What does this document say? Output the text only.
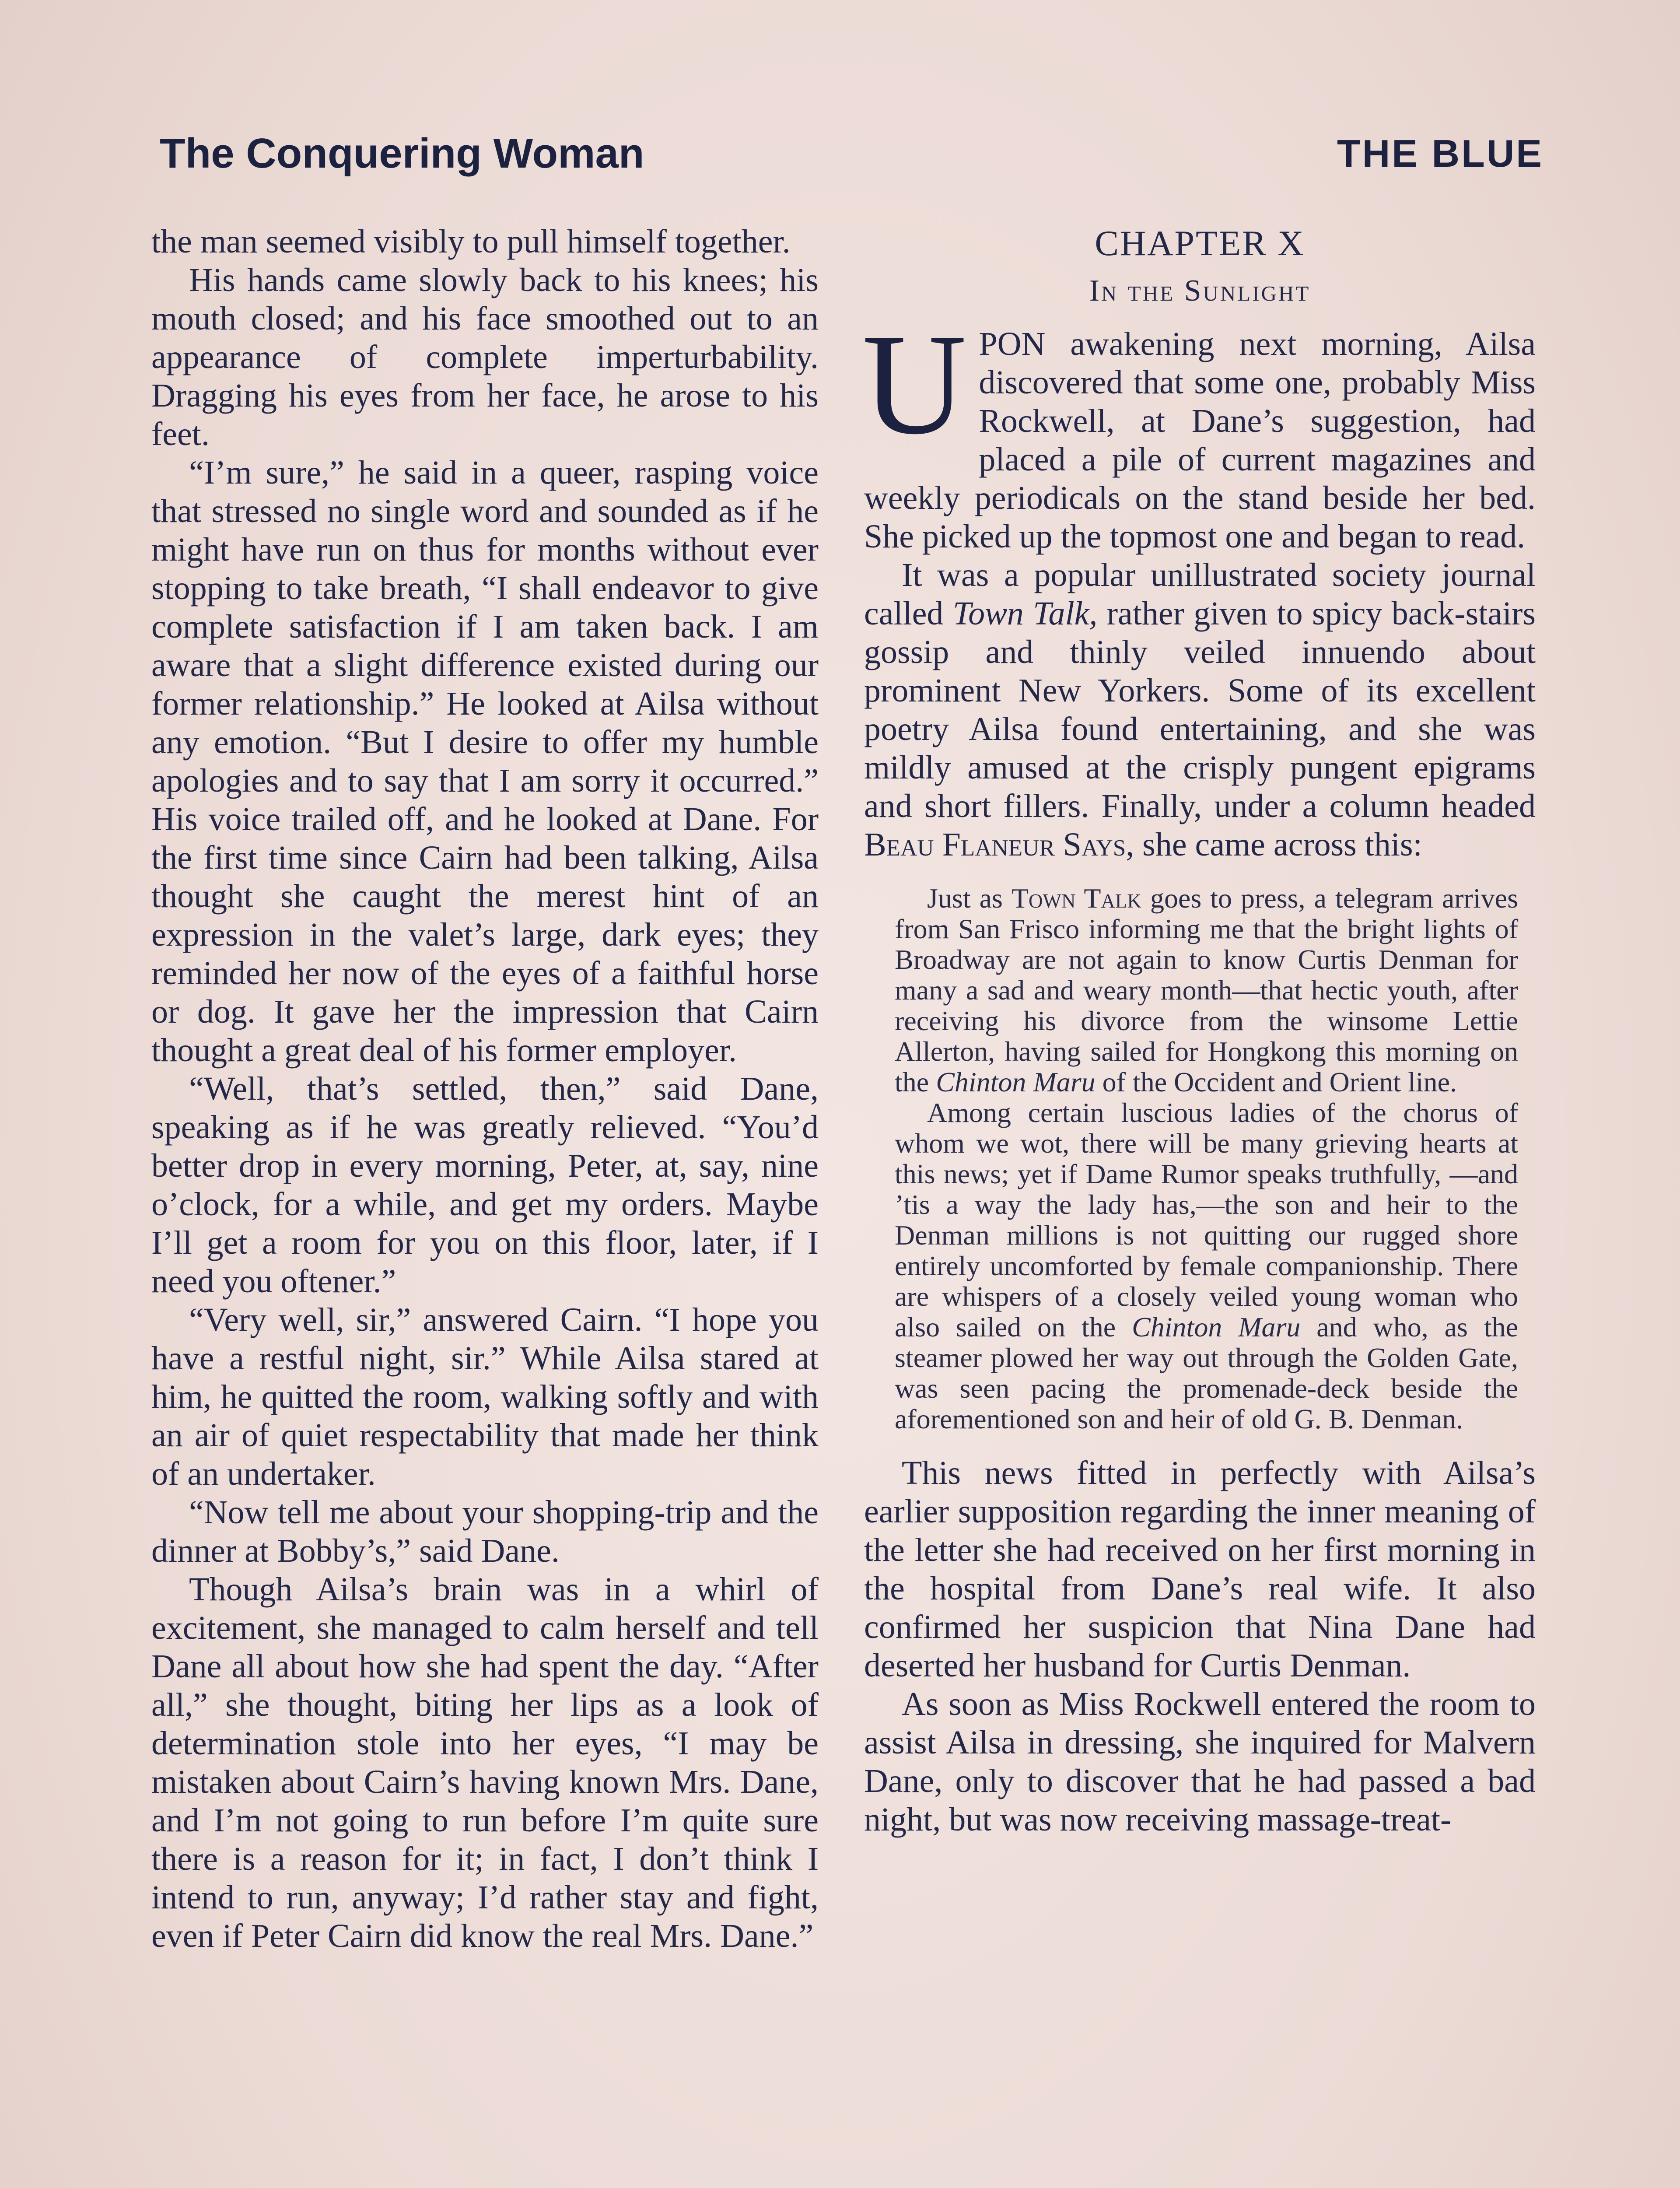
The Conquering Woman	THE BLUE

the man seemed visibly to pull himself together.

His hands came slowly back to his knees; his mouth closed; and his face smoothed out to an appearance of complete imperturbability. Dragging his eyes from her face, he arose to his feet.

“I’m sure,” he said in a queer, rasping voice that stressed no single word and sounded as if he might have run on thus for months without ever stopping to take breath, “I shall endeavor to give complete satisfaction if I am taken back. I am aware that a slight difference existed during our former relationship.” He looked at Ailsa without any emotion. “But I desire to offer my humble apologies and to say that I am sorry it occurred.” His voice trailed off, and he looked at Dane. For the first time since Cairn had been talking, Ailsa thought she caught the merest hint of an expression in the valet’s large, dark eyes; they reminded her now of the eyes of a faithful horse or dog. It gave her the impression that Cairn thought a great deal of his former employer.

“Well, that’s settled, then,” said Dane, speaking as if he was greatly relieved. “You’d better drop in every morning, Peter, at, say, nine o’clock, for a while, and get my orders. Maybe I’ll get a room for you on this floor, later, if I need you oftener.”

“Very well, sir,” answered Cairn. “I hope you have a restful night, sir.” While Ailsa stared at him, he quitted the room, walking softly and with an air of quiet respectability that made her think of an undertaker.

“Now tell me about your shopping-trip and the dinner at Bobby’s,” said Dane.

Though Ailsa’s brain was in a whirl of excitement, she managed to calm herself and tell Dane all about how she had spent the day. “After all,” she thought, biting her lips as a look of determination stole into her eyes, “I may be mistaken about Cairn’s having known Mrs. Dane, and I’m not going to run before I’m quite sure there is a reason for it; in fact, I don’t think I intend to run, anyway; I’d rather stay and fight, even if Peter Cairn did know the real Mrs. Dane.”

CHAPTER X
In the Sunlight

UPON awakening next morning, Ailsa discovered that some one, probably Miss Rockwell, at Dane’s suggestion, had placed a pile of current magazines and weekly periodicals on the stand beside her bed. She picked up the topmost one and began to read.

It was a popular unillustrated society journal called Town Talk, rather given to spicy back-stairs gossip and thinly veiled innuendo about prominent New Yorkers. Some of its excellent poetry Ailsa found entertaining, and she was mildly amused at the crisply pungent epigrams and short fillers. Finally, under a column headed Beau Flaneur Says, she came across this:

Just as Town Talk goes to press, a telegram arrives from San Frisco informing me that the bright lights of Broadway are not again to know Curtis Denman for many a sad and weary month—that hectic youth, after receiving his divorce from the winsome Lettie Allerton, having sailed for Hongkong this morning on the Chinton Maru of the Occident and Orient line.

Among certain luscious ladies of the chorus of whom we wot, there will be many grieving hearts at this news; yet if Dame Rumor speaks truthfully, —and ’tis a way the lady has,—the son and heir to the Denman millions is not quitting our rugged shore entirely uncomforted by female companionship. There are whispers of a closely veiled young woman who also sailed on the Chinton Maru and who, as the steamer plowed her way out through the Golden Gate, was seen pacing the promenade-deck beside the aforementioned son and heir of old G. B. Denman.

This news fitted in perfectly with Ailsa’s earlier supposition regarding the inner meaning of the letter she had received on her first morning in the hospital from Dane’s real wife. It also confirmed her suspicion that Nina Dane had deserted her husband for Curtis Denman.

As soon as Miss Rockwell entered the room to assist Ailsa in dressing, she inquired for Malvern Dane, only to discover that he had passed a bad night, but was now receiving massage-treat-
